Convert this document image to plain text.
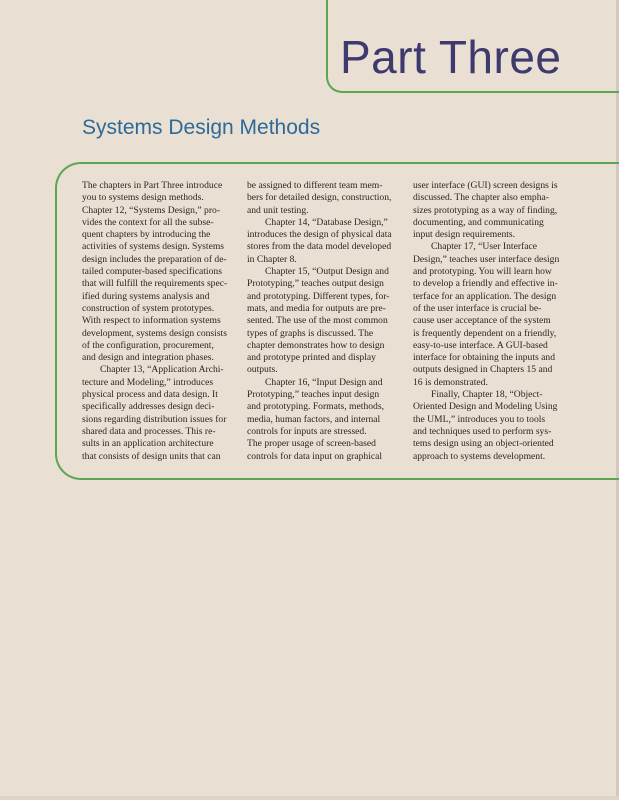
Part Three
Systems Design Methods

The chapters in Part Three introduce

you to systems design methods.

Chapter 12, “Systems Design,” pro-

vides the context for all the subse-

quent chapters by introducing the

activities of systems design. Systems

design includes the preparation of de-

tailed computer-based specifications

that will fulfill the requirements spec-

ified during systems analysis and

construction of system prototypes.

With respect to information systems

development, systems design consists

of the configuration, procurement,

and design and integration phases.

Chapter 13, “Application Archi-

tecture and Modeling,” introduces

physical process and data design. It

specifically addresses design deci-

sions regarding distribution issues for

shared data and processes. This re-

sults in an application architecture

that consists of design units that can

be assigned to different team mem-

bers for detailed design, construction,

and unit testing.

Chapter 14, “Database Design,”

introduces the design of physical data

stores from the data model developed

in Chapter 8.

Chapter 15, “Output Design and

Prototyping,” teaches output design

and prototyping. Different types, for-

mats, and media for outputs are pre-

sented. The use of the most common

types of graphs is discussed. The

chapter demonstrates how to design

and prototype printed and display

outputs.

Chapter 16, “Input Design and

Prototyping,” teaches input design

and prototyping. Formats, methods,

media, human factors, and internal

controls for inputs are stressed.

The proper usage of screen-based

controls for data input on graphical

user interface (GUI) screen designs is

discussed. The chapter also empha-

sizes prototyping as a way of finding,

documenting, and communicating

input design requirements.

Chapter 17, “User Interface

Design,” teaches user interface design

and prototyping. You will learn how

to develop a friendly and effective in-

terface for an application. The design

of the user interface is crucial be-

cause user acceptance of the system

is frequently dependent on a friendly,

easy-to-use interface. A GUI-based

interface for obtaining the inputs and

outputs designed in Chapters 15 and

16 is demonstrated.

Finally, Chapter 18, “Object-

Oriented Design and Modeling Using

the UML,” introduces you to tools

and techniques used to perform sys-

tems design using an object-oriented

approach to systems development.
